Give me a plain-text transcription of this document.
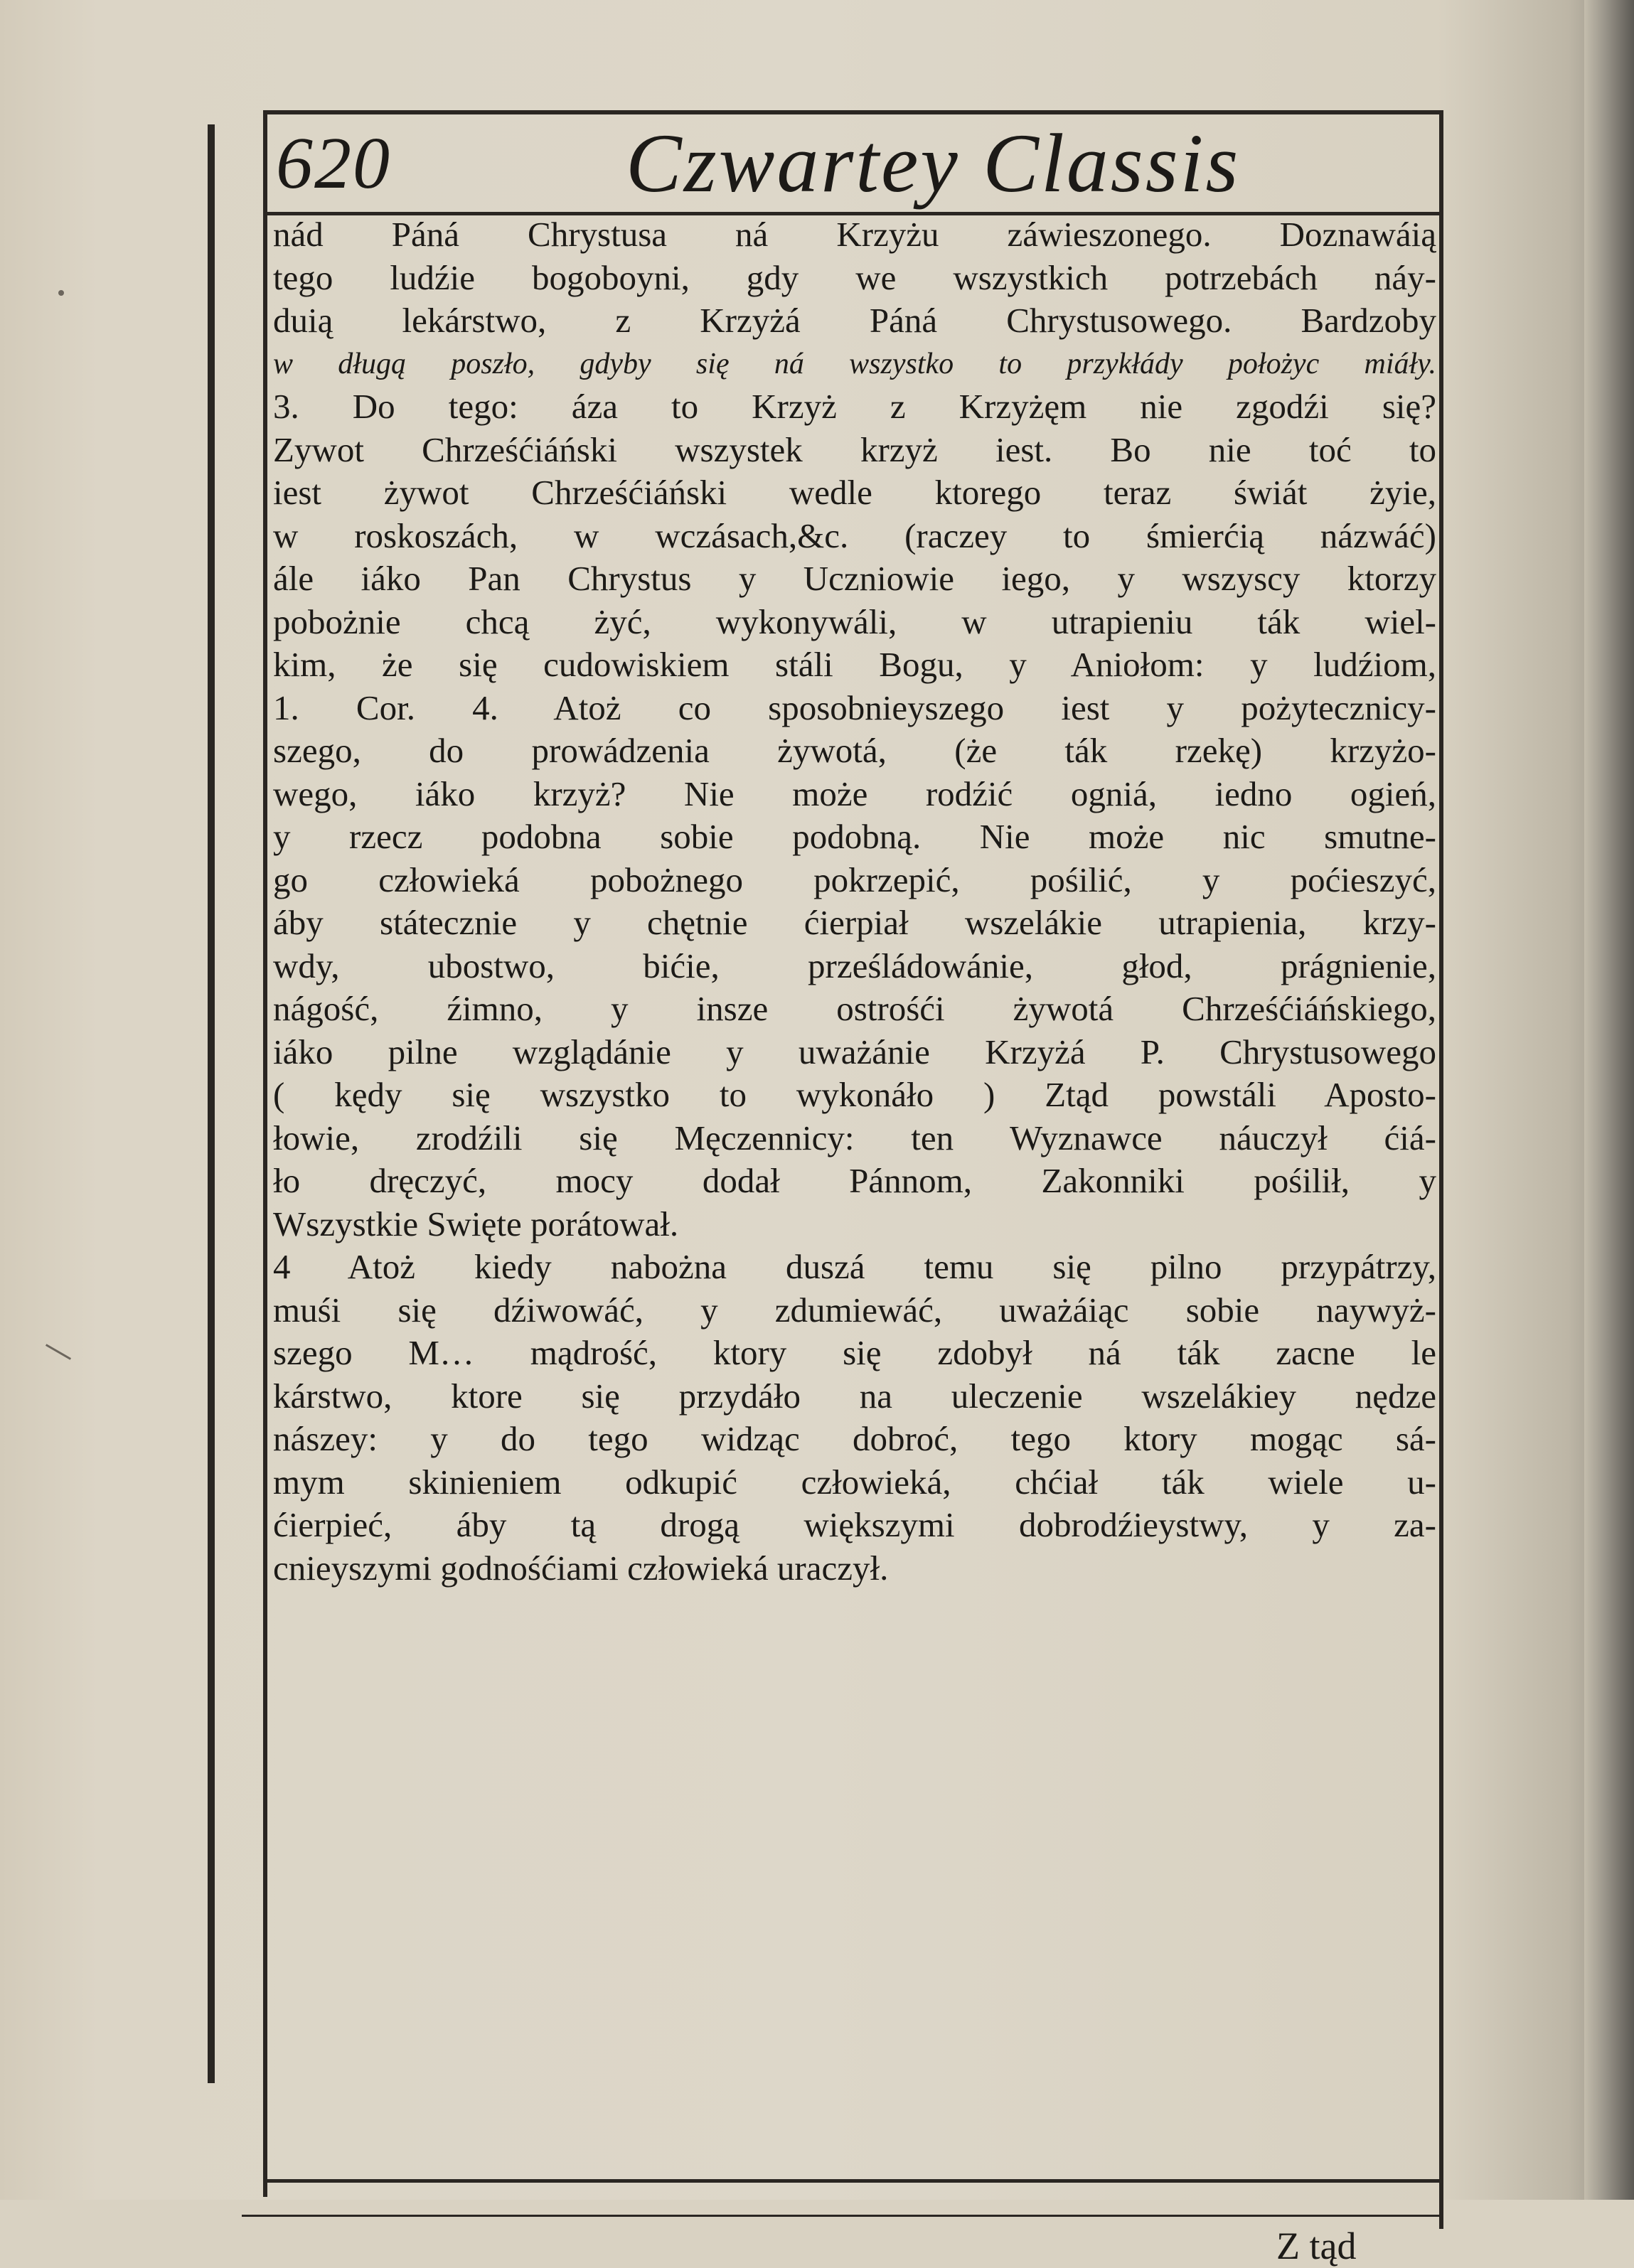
620	Czwartey Classis
nád Páná Chrystusa ná Krzyżu záwieszonego. Doznawáią
tego ludźie bogoboyni, gdy we wszystkich potrzebách náy-
duią lekárstwo, z Krzyżá Páná Chrystusowego. Bardzoby
w długą poszło, gdyby się ná wszystko to przykłády położyc miáły.
3. Do tego: áza to Krzyż z Krzyżęm nie zgodźi się?
Zywot Chrześćiáński wszystek krzyż iest. Bo nie toć to
iest żywot Chrześćiáński wedle ktorego teraz świát żyie,
w roskoszách, w wczásach,&c. (raczey to śmierćią názwáć)
ále iáko Pan Chrystus y Uczniowie iego, y wszyscy ktorzy
pobożnie chcą żyć, wykonywáli, w utrapieniu ták wiel-
kim, że się cudowiskiem stáli Bogu, y Aniołom: y ludźiom,
1. Cor. 4. Atoż co sposobnieyszego iest y pożytecznicy-
szego, do prowádzenia żywotá, (że ták rzekę) krzyżo-
wego, iáko krzyż? Nie może rodźić ogniá, iedno ogień,
y rzecz podobna sobie podobną. Nie może nic smutne-
go człowieká pobożnego pokrzepić, pośilić, y poćieszyć,
áby státecznie y chętnie ćierpiał wszelákie utrapienia, krzy-
wdy, ubostwo, bićie, prześládowánie, głod, prágnienie,
nágość, źimno, y insze ostrośći żywotá Chrześćiáńskiego,
iáko pilne wzglądánie y uważánie Krzyżá P. Chrystusowego
( kędy się wszystko to wykonáło ) Ztąd powstáli Aposto-
łowie, zrodźili się Męczennicy: ten Wyznawce náuczył ćiá-
ło dręczyć, mocy dodał Pánnom, Zakonniki pośilił, y
Wszystkie Swięte porátował.
4 Atoż kiedy nabożna duszá temu się pilno przypátrzy,
muśi się dźiwowáć, y zdumiewáć, uważáiąc sobie naywyż-
szego M… mądrość, ktory się zdobył ná ták zacne le
kárstwo, ktore się przydáło na uleczenie wszelákiey nędze
nászey: y do tego widząc dobroć, tego ktory mogąc sá-
mym skinieniem odkupić człowieká, chćiał ták wiele u-
ćierpieć, áby tą drogą większymi dobrodźieystwy, y za-
cnieyszymi godnośćiami człowieká uraczył.
Z tąd
